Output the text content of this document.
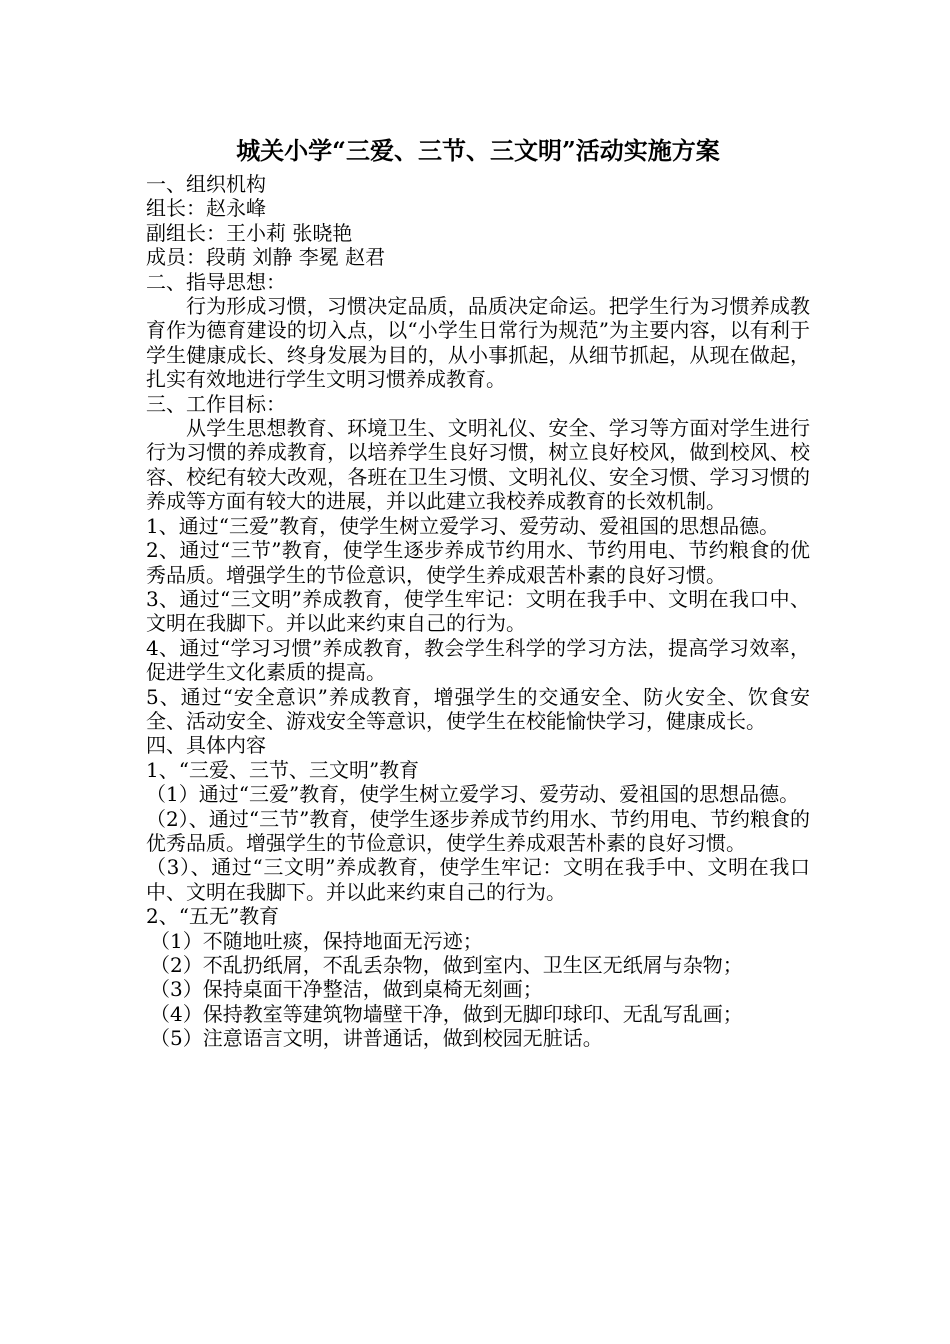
城关小学“三爱、三节、三文明”活动实施方案

一、组织机构

组长：赵永峰

副组长：王小莉 张晓艳

成员：段萌 刘静 李冕 赵君

二、指导思想：

行为形成习惯，习惯决定品质，品质决定命运。把学生行为习惯养成教育作为德育建设的切入点，以“小学生日常行为规范”为主要内容，以有利于学生健康成长、终身发展为目的，从小事抓起，从细节抓起，从现在做起，扎实有效地进行学生文明习惯养成教育。

三、工作目标：

从学生思想教育、环境卫生、文明礼仪、安全、学习等方面对学生进行行为习惯的养成教育，以培养学生良好习惯，树立良好校风，做到校风、校容、校纪有较大改观，各班在卫生习惯、文明礼仪、安全习惯、学习习惯的养成等方面有较大的进展，并以此建立我校养成教育的长效机制。

1、通过“三爱”教育，使学生树立爱学习、爱劳动、爱祖国的思想品德。

2、通过“三节”教育，使学生逐步养成节约用水、节约用电、节约粮食的优秀品质。增强学生的节俭意识，使学生养成艰苦朴素的良好习惯。

3、通过“三文明”养成教育，使学生牢记：文明在我手中、文明在我口中、文明在我脚下。并以此来约束自己的行为。

4、通过“学习习惯”养成教育，教会学生科学的学习方法，提高学习效率，促进学生文化素质的提高。

5、通过“安全意识”养成教育，增强学生的交通安全、防火安全、饮食安全、活动安全、游戏安全等意识，使学生在校能愉快学习，健康成长。

四、具体内容

1、“三爱、三节、三文明”教育

（1）通过“三爱”教育，使学生树立爱学习、爱劳动、爱祖国的思想品德。

（2）、通过“三节”教育，使学生逐步养成节约用水、节约用电、节约粮食的优秀品质。增强学生的节俭意识，使学生养成艰苦朴素的良好习惯。

（3）、通过“三文明”养成教育，使学生牢记：文明在我手中、文明在我口中、文明在我脚下。并以此来约束自己的行为。

2、“五无”教育

（1）不随地吐痰，保持地面无污迹；

（2）不乱扔纸屑，不乱丢杂物，做到室内、卫生区无纸屑与杂物；

（3）保持桌面干净整洁，做到桌椅无刻画；

（4）保持教室等建筑物墙壁干净，做到无脚印球印、无乱写乱画；

（5）注意语言文明，讲普通话，做到校园无脏话。
